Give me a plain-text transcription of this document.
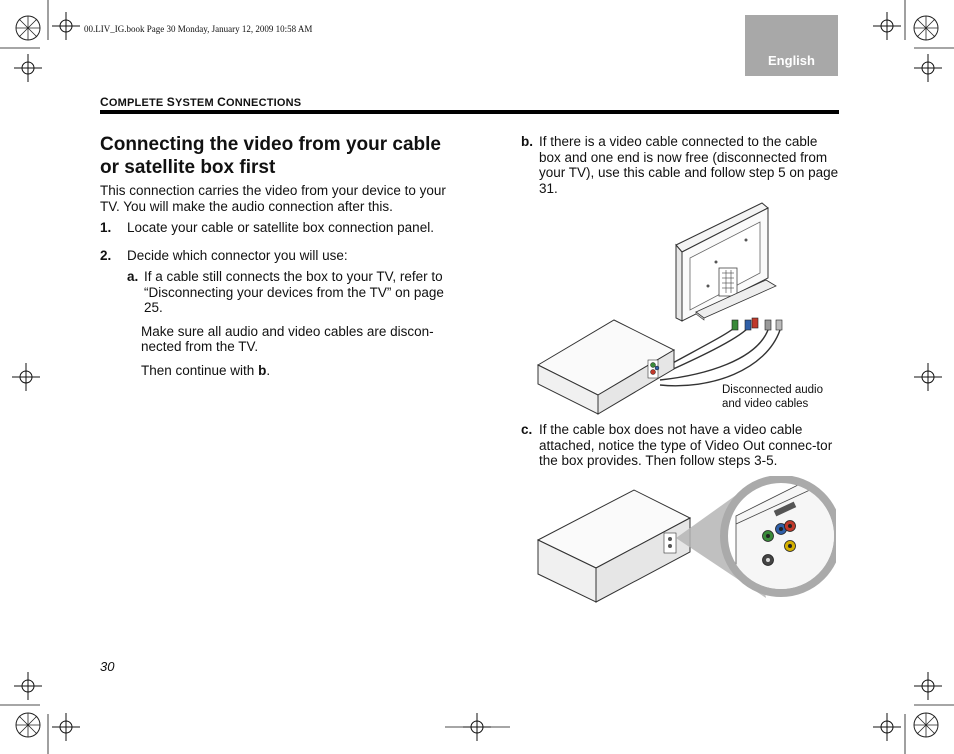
00.LIV_IG.book Page 30 Monday, January 12, 2009 10:58 AM
English
COMPLETE SYSTEM CONNECTIONS
Connecting the video from your cable or satellite box first

This connection carries the video from your device to your TV. You will make the audio connection after this.

1. Locate your cable or satellite box connection panel.
2. Decide which connector you will use:
a. If a cable still connects the box to your TV, refer to “Disconnecting your devices from the TV” on page 25.

Make sure all audio and video cables are discon-nected from the TV.

Then continue with b.

b. If there is a video cable connected to the cable box and one end is now free (disconnected from your TV), use this cable and follow step 5 on page 31.
Disconnected audio
and video cables
c. If the cable box does not have a video cable attached, notice the type of Video Out connec-tor the box provides. Then follow steps 3-5.
30
